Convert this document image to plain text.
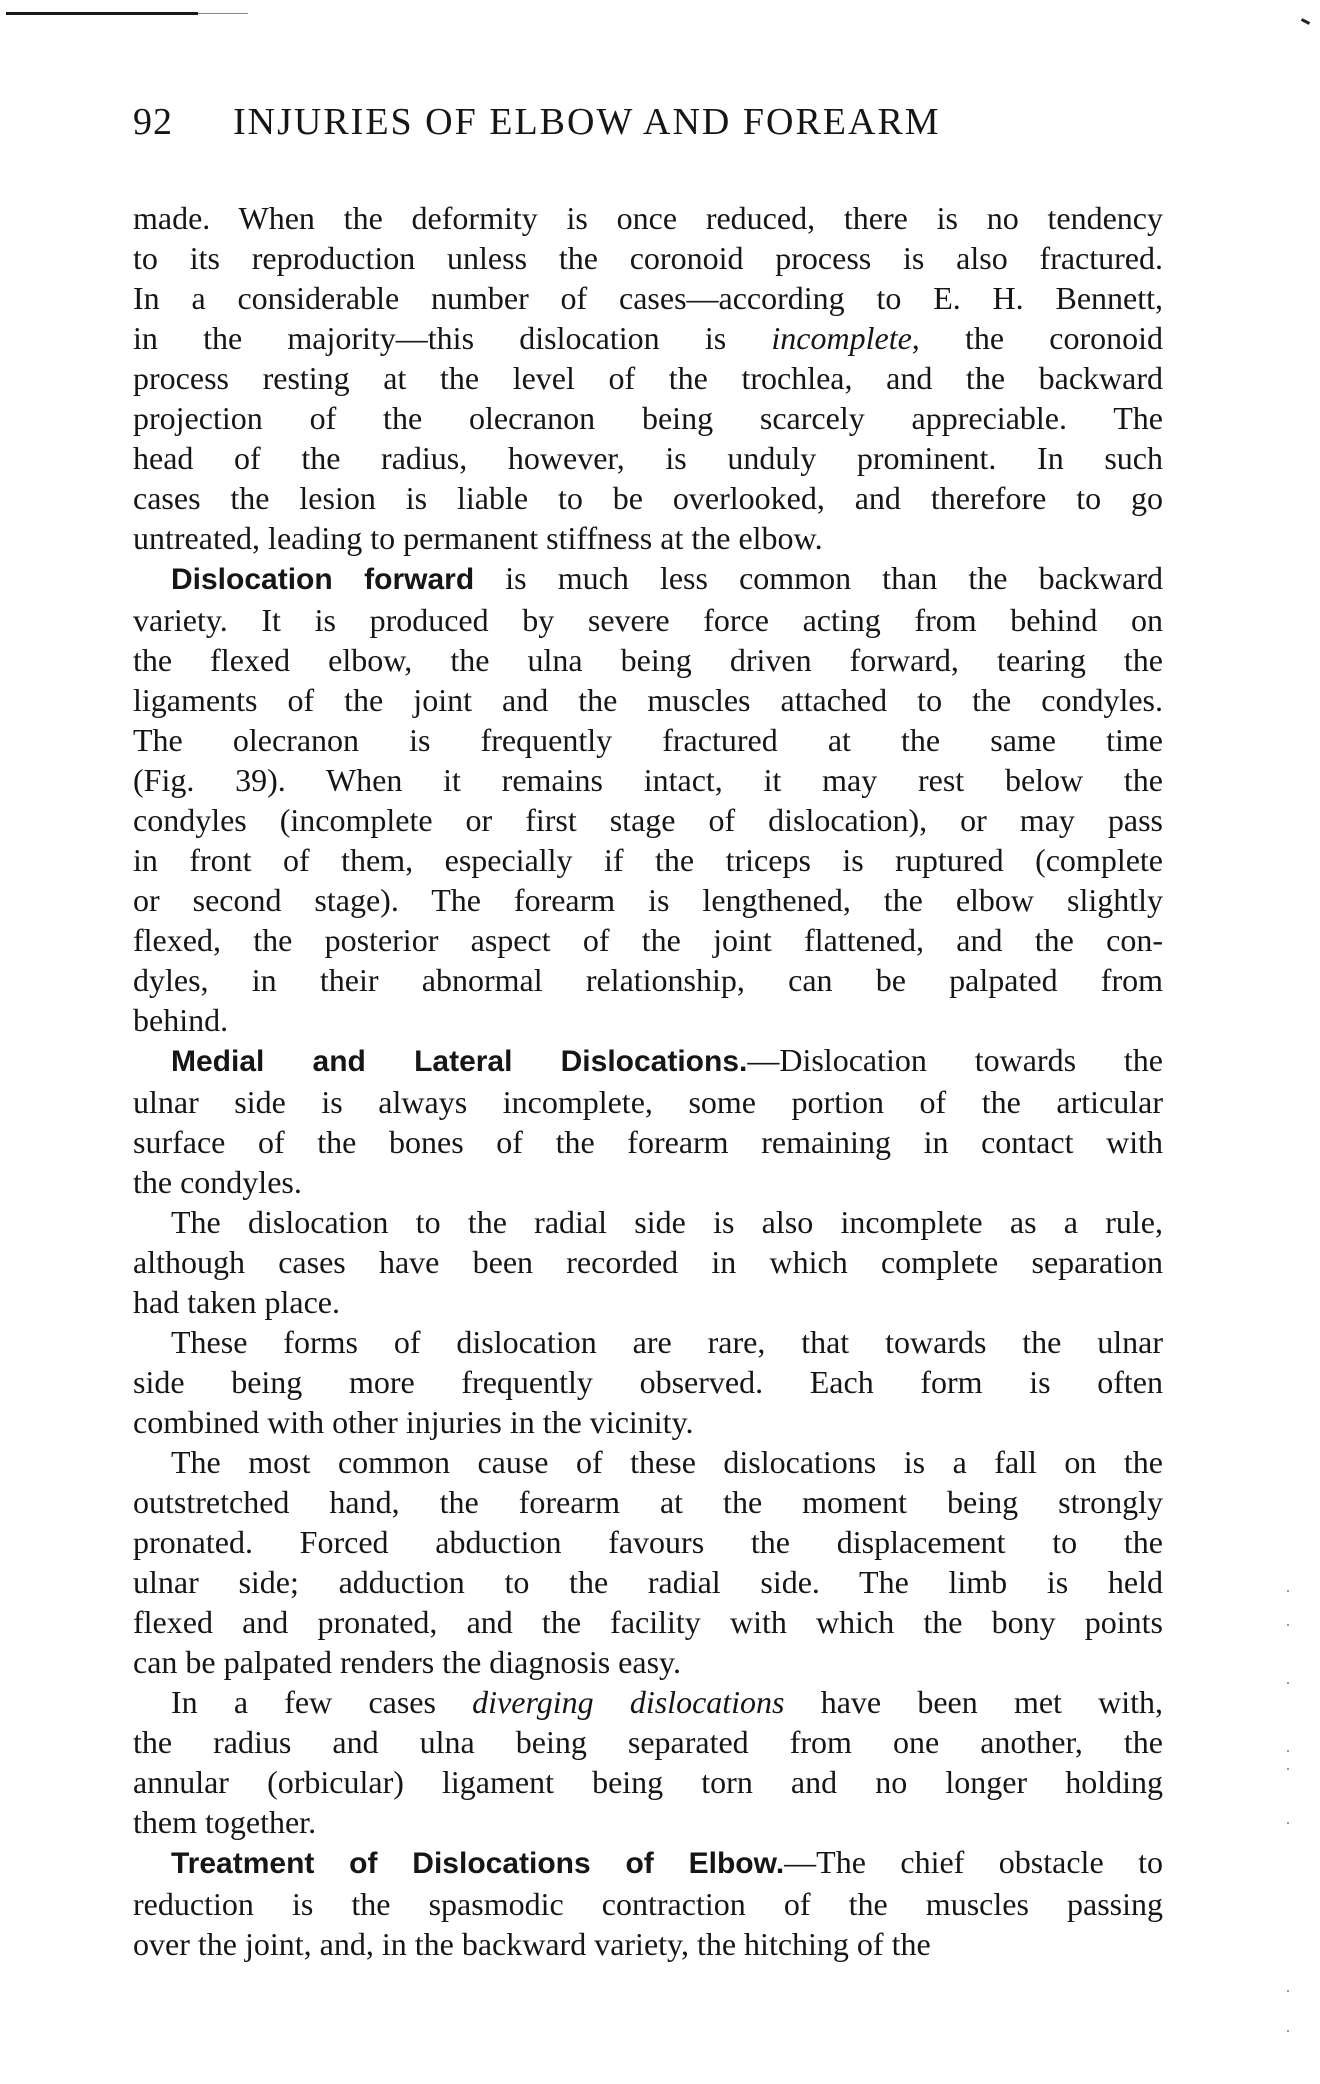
92	INJURIES OF ELBOW AND FOREARM
made. When the deformity is once reduced, there is no tendency
to its reproduction unless the coronoid process is also fractured.
In a considerable number of cases—according to E. H. Bennett,
in the majority—this dislocation is incomplete, the coronoid
process resting at the level of the trochlea, and the backward
projection of the olecranon being scarcely appreciable. The
head of the radius, however, is unduly prominent. In such
cases the lesion is liable to be overlooked, and therefore to go
untreated, leading to permanent stiffness at the elbow.
Dislocation forward is much less common than the backward
variety. It is produced by severe force acting from behind on
the flexed elbow, the ulna being driven forward, tearing the
ligaments of the joint and the muscles attached to the condyles.
The olecranon is frequently fractured at the same time
(Fig. 39). When it remains intact, it may rest below the
condyles (incomplete or first stage of dislocation), or may pass
in front of them, especially if the triceps is ruptured (complete
or second stage). The forearm is lengthened, the elbow slightly
flexed, the posterior aspect of the joint flattened, and the con-
dyles, in their abnormal relationship, can be palpated from
behind.
Medial and Lateral Dislocations.—Dislocation towards the
ulnar side is always incomplete, some portion of the articular
surface of the bones of the forearm remaining in contact with
the condyles.
The dislocation to the radial side is also incomplete as a rule,
although cases have been recorded in which complete separation
had taken place.
These forms of dislocation are rare, that towards the ulnar
side being more frequently observed. Each form is often
combined with other injuries in the vicinity.
The most common cause of these dislocations is a fall on the
outstretched hand, the forearm at the moment being strongly
pronated. Forced abduction favours the displacement to the
ulnar side; adduction to the radial side. The limb is held
flexed and pronated, and the facility with which the bony points
can be palpated renders the diagnosis easy.
In a few cases diverging dislocations have been met with,
the radius and ulna being separated from one another, the
annular (orbicular) ligament being torn and no longer holding
them together.
Treatment of Dislocations of Elbow.—The chief obstacle to
reduction is the spasmodic contraction of the muscles passing
over the joint, and, in the backward variety, the hitching of the
